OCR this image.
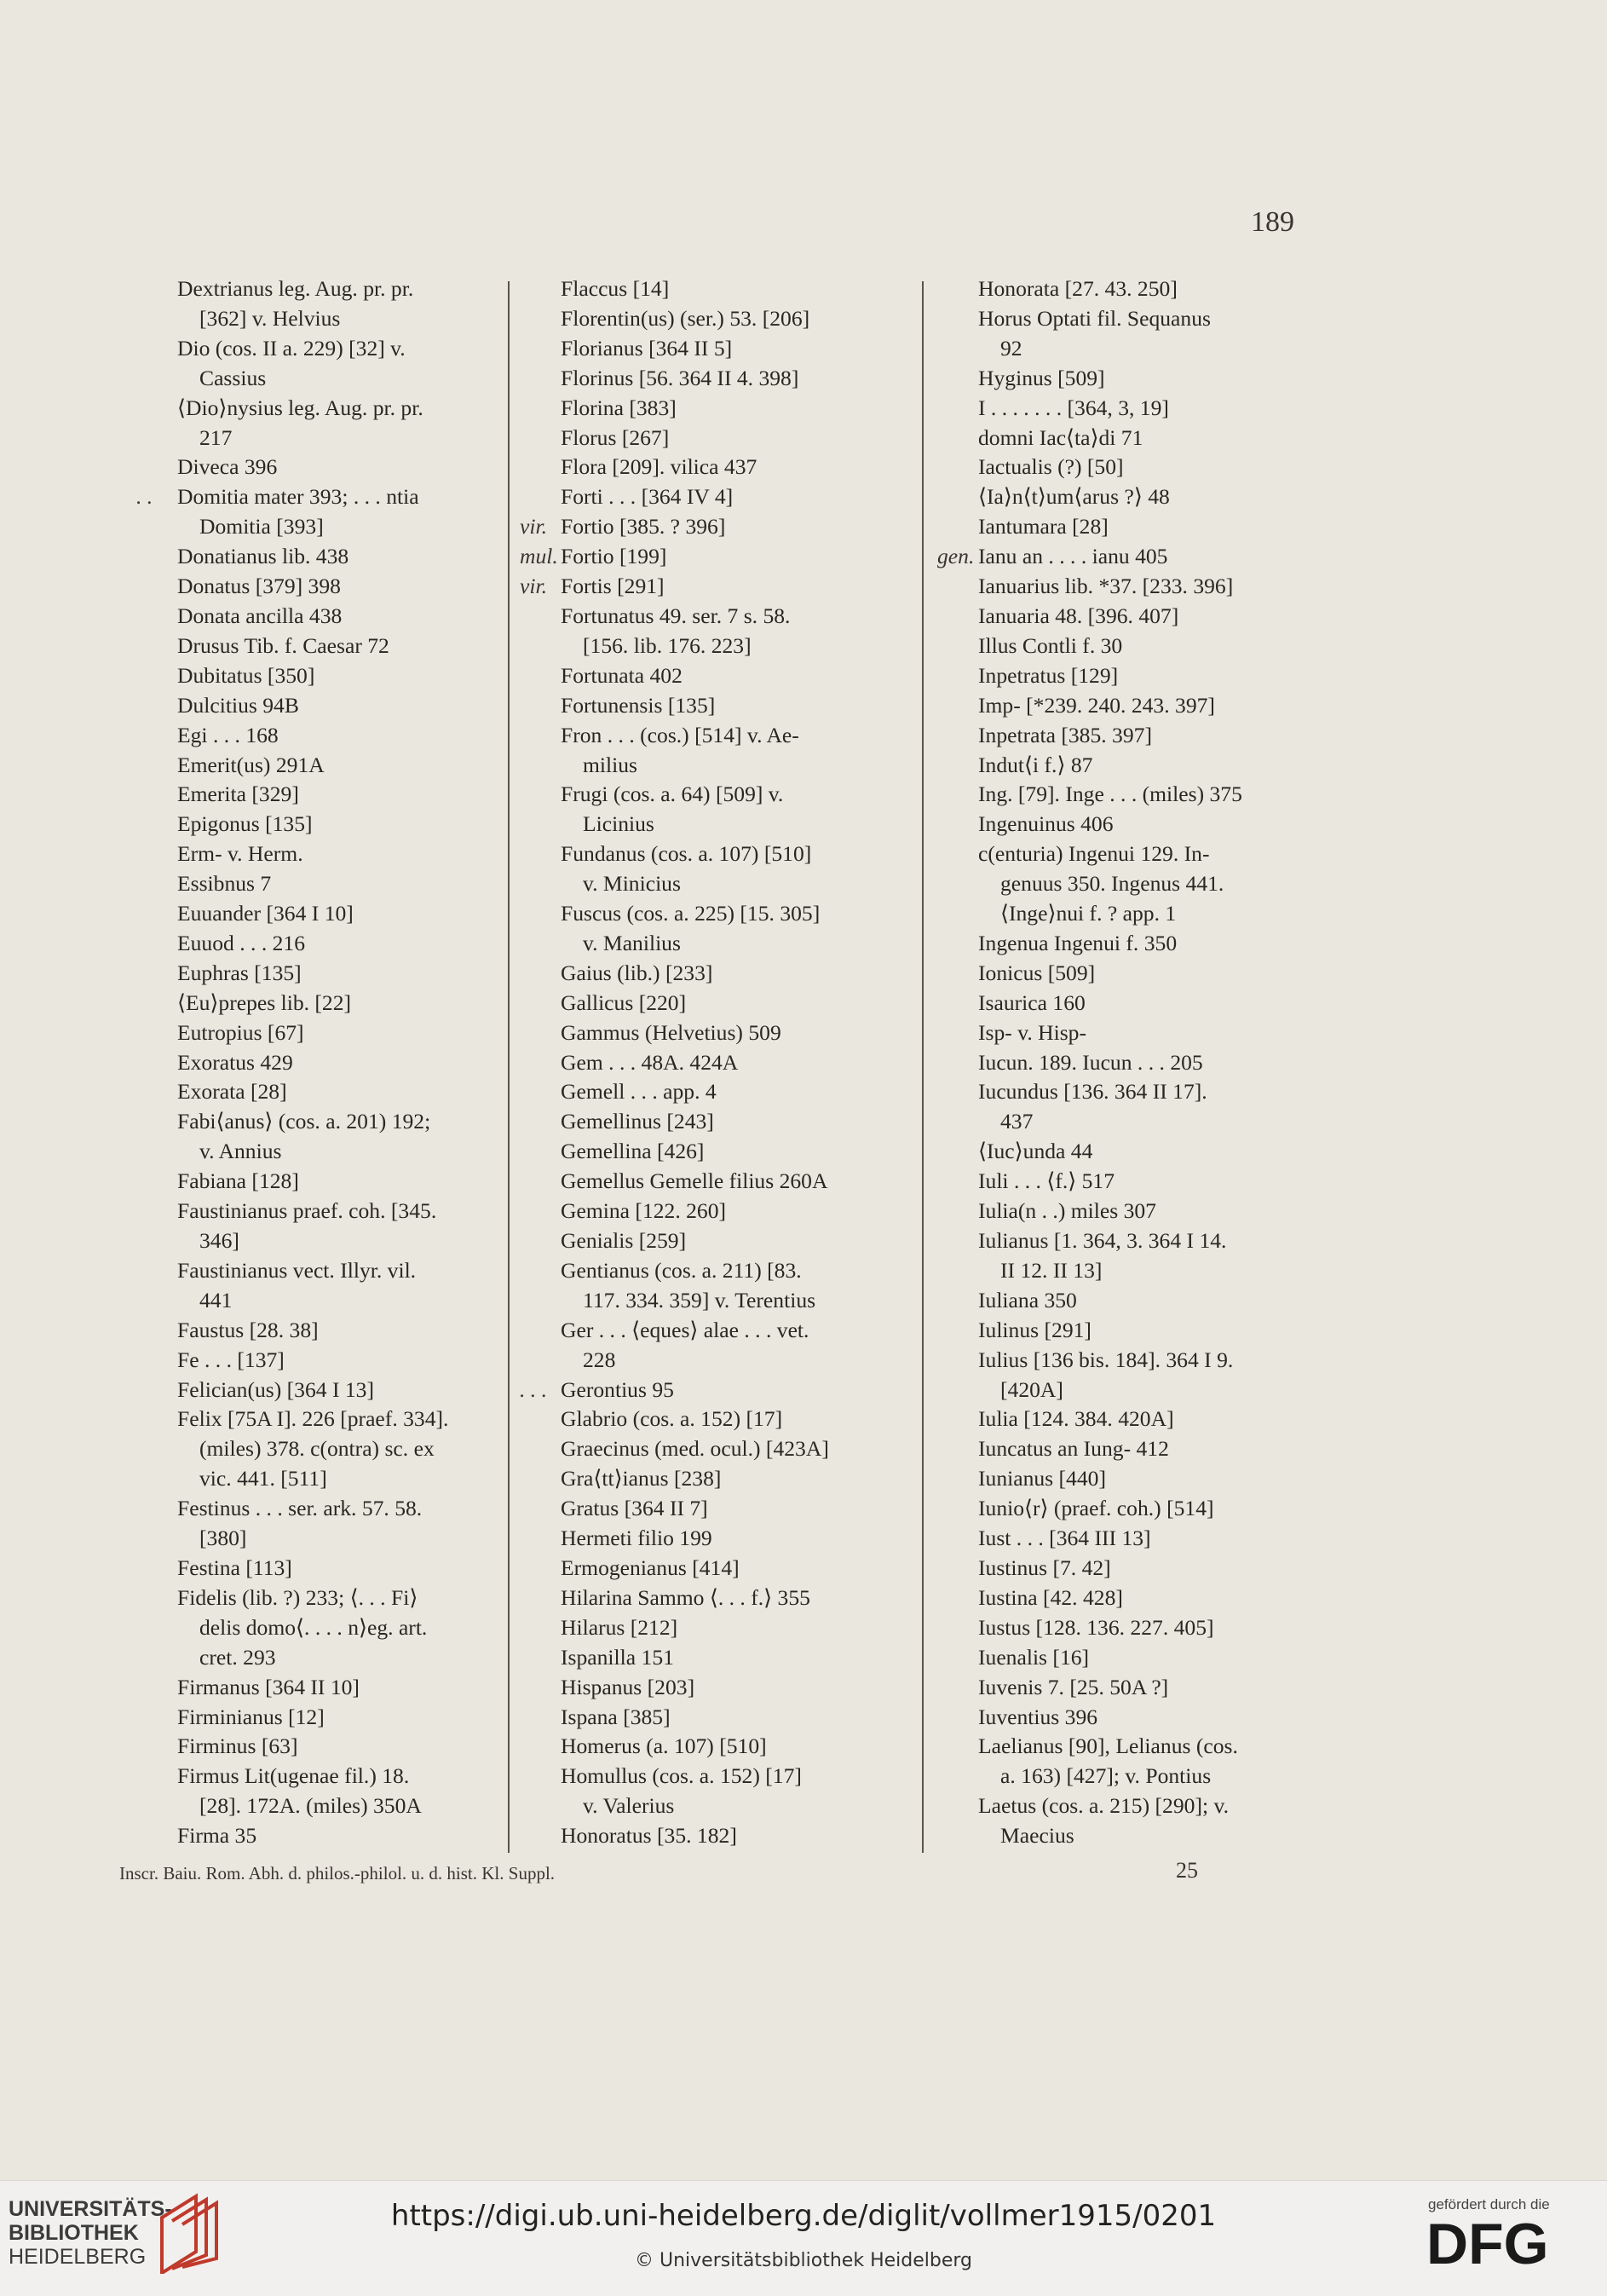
189
Dextrianus leg. Aug. pr. pr.
[362] v. Helvius
Dio (cos. II a. 229) [32] v.
Cassius
⟨Dio⟩nysius leg. Aug. pr. pr.
217
Diveca 396
. . Domitia mater 393; . . . ntia
Domitia [393]
Donatianus lib. 438
Donatus [379] 398
Donata ancilla 438
Drusus Tib. f. Caesar 72
Dubitatus [350]
Dulcitius 94B
Egi . . . 168
Emerit(us) 291A
Emerita [329]
Epigonus [135]
Erm- v. Herm.
Essibnus 7
Euuander [364 I 10]
Euuod . . . 216
Euphras [135]
⟨Eu⟩prepes lib. [22]
Eutropius [67]
Exoratus 429
Exorata [28]
Fabi⟨anus⟩ (cos. a. 201) 192;
v. Annius
Fabiana [128]
Faustinianus praef. coh. [345.
346]
Faustinianus vect. Illyr. vil.
441
Faustus [28. 38]
Fe . . . [137]
Felician(us) [364 I 13]
Felix [75A I]. 226 [praef. 334].
(miles) 378. c(ontra) sc. ex
vic. 441. [511]
Festinus . . . ser. ark. 57. 58.
[380]
Festina [113]
Fidelis (lib. ?) 233; ⟨. . . Fi⟩
delis domo⟨. . . . n⟩eg. art.
cret. 293
Firmanus [364 II 10]
Firminianus [12]
Firminus [63]
Firmus Lit(ugenae fil.) 18.
[28]. 172A. (miles) 350A
Firma 35
Flaccus [14]
Florentin(us) (ser.) 53. [206]
Florianus [364 II 5]
Florinus [56. 364 II 4. 398]
Florina [383]
Florus [267]
Flora [209]. vilica 437
Forti . . . [364 IV 4]
vir. Fortio [385. ? 396]
mul. Fortio [199]
vir. Fortis [291]
Fortunatus 49. ser. 7 s. 58.
[156. lib. 176. 223]
Fortunata 402
Fortunensis [135]
Fron . . . (cos.) [514] v. Ae-
milius
Frugi (cos. a. 64) [509] v.
Licinius
Fundanus (cos. a. 107) [510]
v. Minicius
Fuscus (cos. a. 225) [15. 305]
v. Manilius
Gaius (lib.) [233]
Gallicus [220]
Gammus (Helvetius) 509
Gem . . . 48A. 424A
Gemell . . . app. 4
Gemellinus [243]
Gemellina [426]
Gemellus Gemelle filius 260A
Gemina [122. 260]
Genialis [259]
Gentianus (cos. a. 211) [83.
117. 334. 359] v. Terentius
Ger . . . ⟨eques⟩ alae . . . vet.
228
. . . Gerontius 95
Glabrio (cos. a. 152) [17]
Graecinus (med. ocul.) [423A]
Gra⟨tt⟩ianus [238]
Gratus [364 II 7]
Hermeti filio 199
Ermogenianus [414]
Hilarina Sammo ⟨. . . f.⟩ 355
Hilarus [212]
Ispanilla 151
Hispanus [203]
Ispana [385]
Homerus (a. 107) [510]
Homullus (cos. a. 152) [17]
v. Valerius
Honoratus [35. 182]
Honorata [27. 43. 250]
Horus Optati fil. Sequanus
92
Hyginus [509]
I . . . . . . . [364, 3, 19]
domni Iac⟨ta⟩di 71
Iactualis (?) [50]
⟨Ia⟩n⟨t⟩um⟨arus ?⟩ 48
Iantumara [28]
gen. Ianu an . . . . ianu 405
Ianuarius lib. *37. [233. 396]
Ianuaria 48. [396. 407]
Illus Contli f. 30
Inpetratus [129]
Imp- [*239. 240. 243. 397]
Inpetrata [385. 397]
Indut⟨i f.⟩ 87
Ing. [79]. Inge . . . (miles) 375
Ingenuinus 406
c(enturia) Ingenui 129. In-
genuus 350. Ingenus 441.
⟨Inge⟩nui f. ? app. 1
Ingenua Ingenui f. 350
Ionicus [509]
Isaurica 160
Isp- v. Hisp-
Iucun. 189. Iucun . . . 205
Iucundus [136. 364 II 17].
437
⟨Iuc⟩unda 44
Iuli . . . ⟨f.⟩ 517
Iulia(n . .) miles 307
Iulianus [1. 364, 3. 364 I 14.
II 12. II 13]
Iuliana 350
Iulinus [291]
Iulius [136 bis. 184]. 364 I 9.
[420A]
Iulia [124. 384. 420A]
Iuncatus an Iung- 412
Iunianus [440]
Iunio⟨r⟩ (praef. coh.) [514]
Iust . . . [364 III 13]
Iustinus [7. 42]
Iustina [42. 428]
Iustus [128. 136. 227. 405]
Iuenalis [16]
Iuvenis 7. [25. 50A ?]
Iuventius 396
Laelianus [90], Lelianus (cos.
a. 163) [427]; v. Pontius
Laetus (cos. a. 215) [290]; v.
Maecius
Inscr. Baiu. Rom. Abh. d. philos.-philol. u. d. hist. Kl. Suppl.	25
UNIVERSITÄTS-
BIBLIOTHEK
HEIDELBERG
https://digi.ub.uni-heidelberg.de/diglit/vollmer1915/0201
© Universitätsbibliothek Heidelberg
gefördert durch die
DFG
